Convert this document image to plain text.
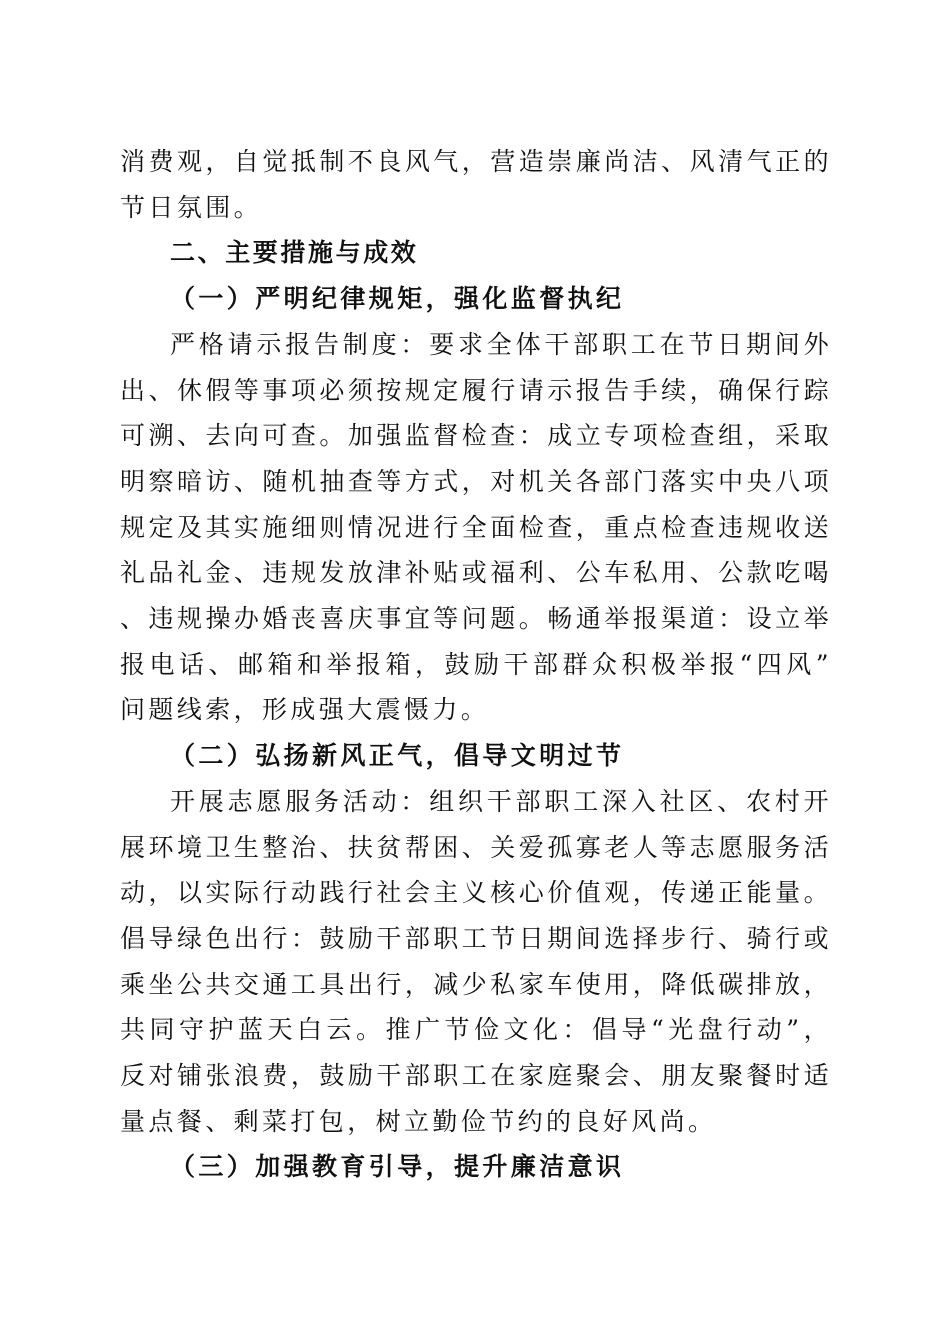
消费观，自觉抵制不良风气，营造崇廉尚洁、风清气正的节日氛围。

二、主要措施与成效

（一）严明纪律规矩，强化监督执纪

严格请示报告制度：要求全体干部职工在节日期间外出、休假等事项必须按规定履行请示报告手续，确保行踪可溯、去向可查。加强监督检查：成立专项检查组，采取明察暗访、随机抽查等方式，对机关各部门落实中央八项规定及其实施细则情况进行全面检查，重点检查违规收送礼品礼金、违规发放津补贴或福利、公车私用、公款吃喝、违规操办婚丧喜庆事宜等问题。畅通举报渠道：设立举报电话、邮箱和举报箱，鼓励干部群众积极举报“四风”问题线索，形成强大震慑力。

（二）弘扬新风正气，倡导文明过节

开展志愿服务活动：组织干部职工深入社区、农村开展环境卫生整治、扶贫帮困、关爱孤寡老人等志愿服务活动，以实际行动践行社会主义核心价值观，传递正能量。倡导绿色出行：鼓励干部职工节日期间选择步行、骑行或乘坐公共交通工具出行，减少私家车使用，降低碳排放，共同守护蓝天白云。推广节俭文化：倡导“光盘行动”，反对铺张浪费，鼓励干部职工在家庭聚会、朋友聚餐时适量点餐、剩菜打包，树立勤俭节约的良好风尚。

（三）加强教育引导，提升廉洁意识
